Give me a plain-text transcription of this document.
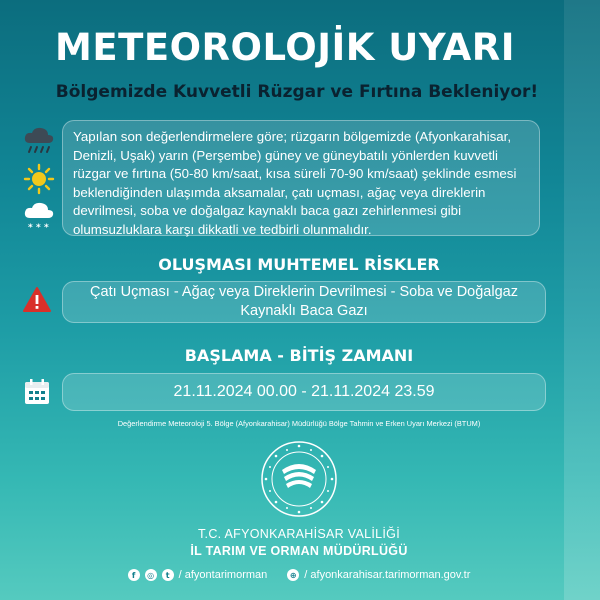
METEOROLOJİK UYARI
Bölgemizde Kuvvetli Rüzgar ve Fırtına Bekleniyor!
* * *
Yapılan son değerlendirmelere göre; rüzgarın bölgemizde (Afyonkarahisar, Denizli, Uşak) yarın (Perşembe) güney ve güneybatılı yönlerden kuvvetli rüzgar ve fırtına (50-80 km/saat, kısa süreli 70-90 km/saat) şeklinde esmesi beklendiğinden ulaşımda aksamalar, çatı uçması, ağaç veya direklerin devrilmesi, soba ve doğalgaz kaynaklı baca gazı zehirlenmesi gibi olumsuzluklara karşı dikkatli ve tedbirli olunmalıdır.
OLUŞMASI MUHTEMEL RİSKLER
Çatı Uçması - Ağaç veya Direklerin Devrilmesi - Soba ve Doğalgaz Kaynaklı Baca Gazı
BAŞLAMA - BİTİŞ ZAMANI
21.11.2024 00.00 - 21.11.2024 23.59
Değerlendirme Meteoroloji 5. Bölge (Afyonkarahisar) Müdürlüğü Bölge Tahmin ve Erken Uyarı Merkezi (BTUM)
T.C. AFYONKARAHİSAR VALİLİĞİ
İL TARIM VE ORMAN MÜDÜRLÜĞÜ
f	◎	t / afyontarimorman	⊕ / afyonkarahisar.tarimorman.gov.tr
